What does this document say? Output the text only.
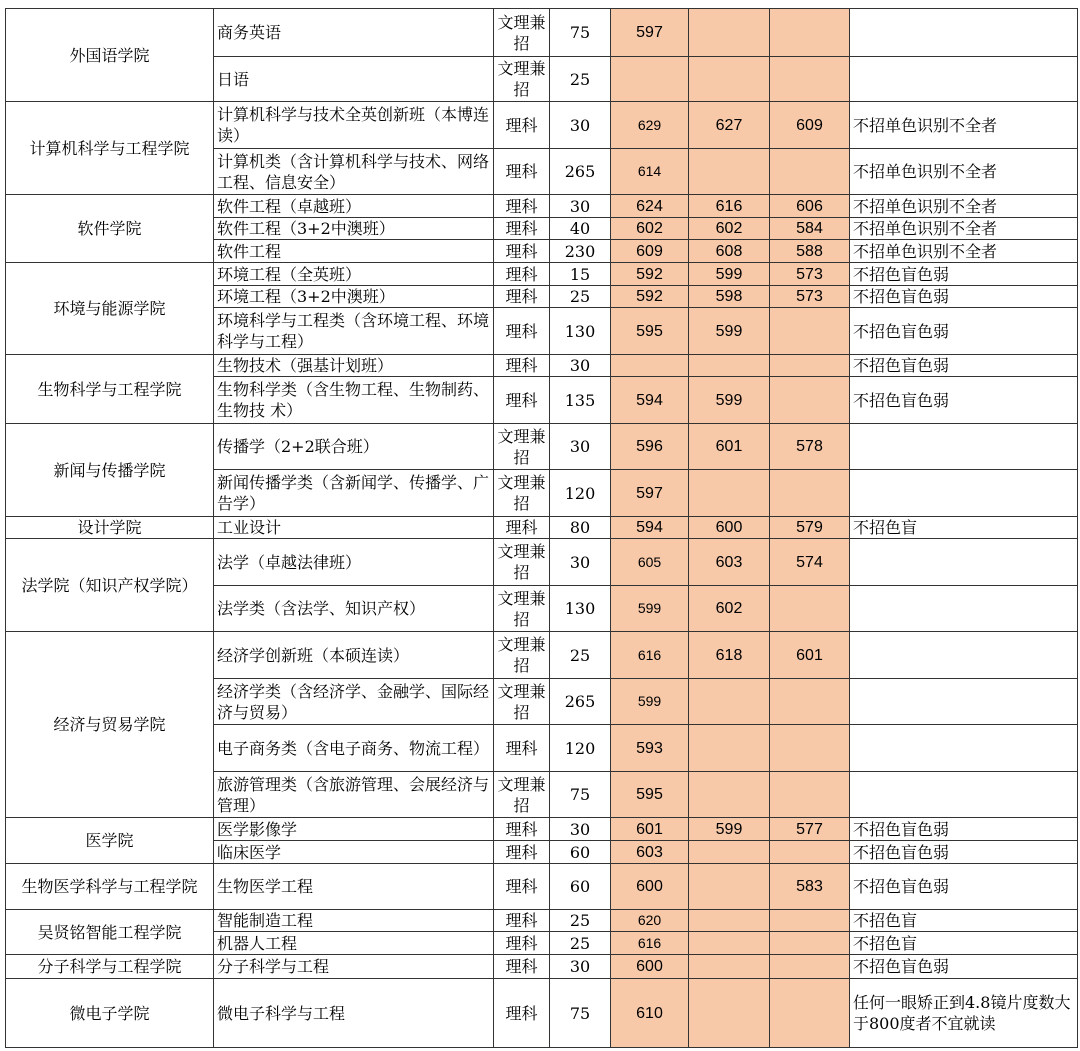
外国语学院	商务英语	文理兼招	75	597			
	日语	文理兼招	25				
计算机科学与工程学院	计算机科学与技术全英创新班（本博连读）	理科	30	629	627	609	不招单色识别不全者
	计算机类（含计算机科学与技术、网络工程、信息安全）	理科	265	614			不招单色识别不全者
软件学院	软件工程（卓越班）	理科	30	624	616	606	不招单色识别不全者
	软件工程（3+2中澳班）	理科	40	602	602	584	不招单色识别不全者
	软件工程	理科	230	609	608	588	不招单色识别不全者
环境与能源学院	环境工程（全英班）	理科	15	592	599	573	不招色盲色弱
	环境工程（3+2中澳班）	理科	25	592	598	573	不招色盲色弱
	环境科学与工程类（含环境工程、环境科学与工程）	理科	130	595	599		不招色盲色弱
生物科学与工程学院	生物技术（强基计划班）	理科	30				不招色盲色弱
	生物科学类（含生物工程、生物制药、生物技 术）	理科	135	594	599		不招色盲色弱
新闻与传播学院	传播学（2+2联合班）	文理兼招	30	596	601	578	
	新闻传播学类（含新闻学、传播学、广告学）	文理兼招	120	597			
设计学院	工业设计	理科	80	594	600	579	不招色盲
法学院（知识产权学院）	法学（卓越法律班）	文理兼招	30	605	603	574	
	法学类（含法学、知识产权）	文理兼招	130	599	602		
经济与贸易学院	经济学创新班（本硕连读）	文理兼招	25	616	618	601	
	经济学类（含经济学、金融学、国际经济与贸易）	文理兼招	265	599			
	电子商务类（含电子商务、物流工程）	理科	120	593			
	旅游管理类（含旅游管理、会展经济与管理）	文理兼招	75	595			
医学院	医学影像学	理科	30	601	599	577	不招色盲色弱
	临床医学	理科	60	603			不招色盲色弱
生物医学科学与工程学院	生物医学工程	理科	60	600		583	不招色盲色弱
吴贤铭智能工程学院	智能制造工程	理科	25	620			不招色盲
	机器人工程	理科	25	616			不招色盲
分子科学与工程学院	分子科学与工程	理科	30	600			不招色盲色弱
微电子学院	微电子科学与工程	理科	75	610			任何一眼矫正到4.8镜片度数大于800度者不宜就读
